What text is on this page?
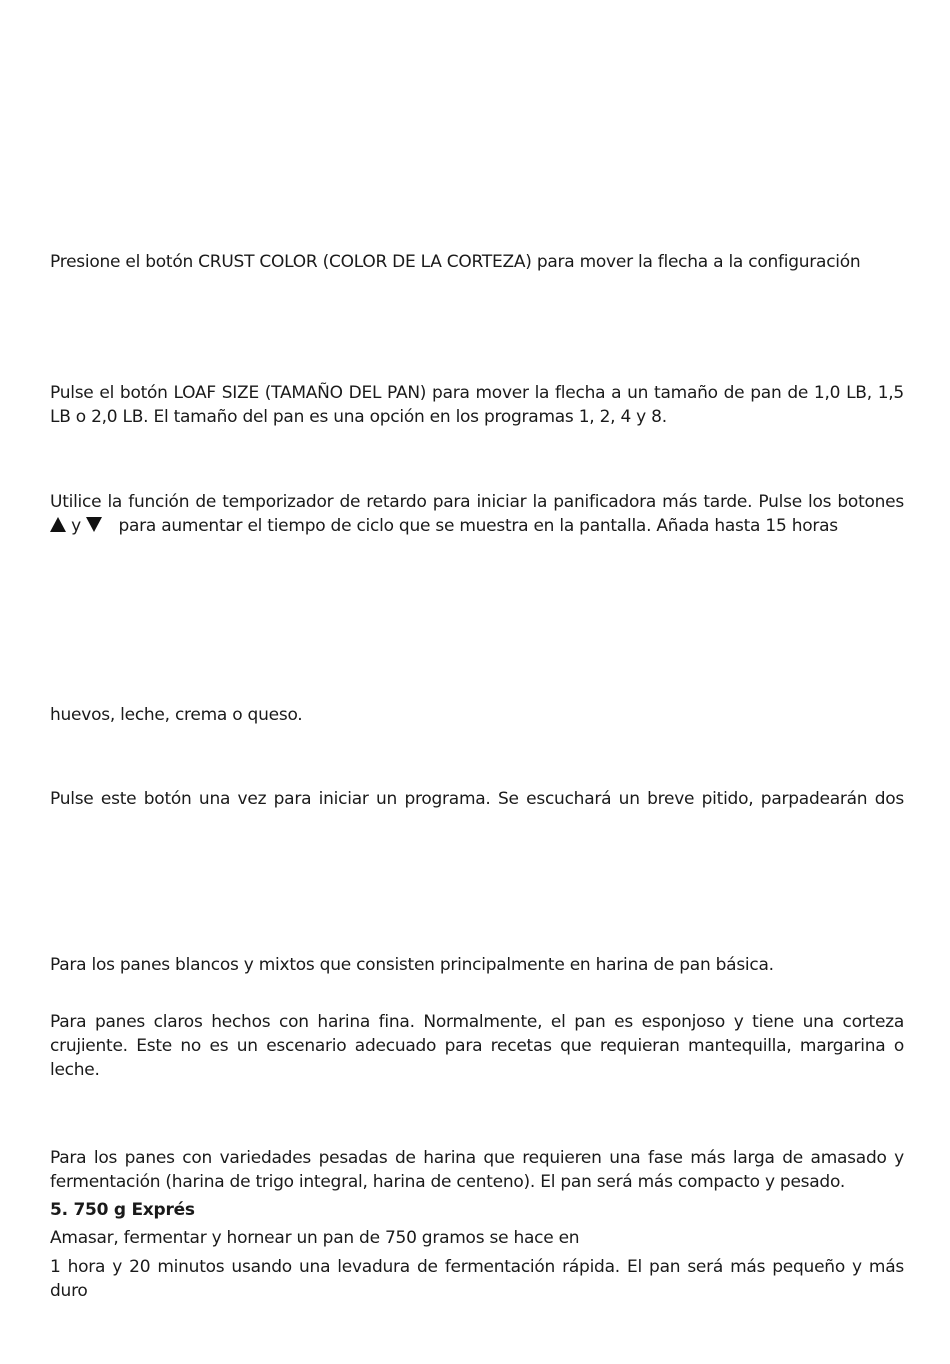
Presione el botón CRUST COLOR (COLOR DE LA CORTEZA) para mover la flecha a la configuración
Pulse el botón LOAF SIZE (TAMAÑO DEL PAN) para mover la flecha a un tamaño de pan de 1,0 LB, 1,5
LB o 2,0 LB. El tamaño del pan es una opción en los programas 1, 2, 4 y 8.
Utilice la función de temporizador de retardo para iniciar la panificadora más tarde. Pulse los botones
y para aumentar el tiempo de ciclo que se muestra en la pantalla. Añada hasta 15 horas
huevos, leche, crema o queso.
Pulse este botón una vez para iniciar un programa. Se escuchará un breve pitido, parpadearán dos
Para los panes blancos y mixtos que consisten principalmente en harina de pan básica.
Para panes claros hechos con harina fina. Normalmente, el pan es esponjoso y tiene una corteza
crujiente. Este no es un escenario adecuado para recetas que requieran mantequilla, margarina o leche.
Para los panes con variedades pesadas de harina que requieren una fase más larga de amasado y
fermentación (harina de trigo integral, harina de centeno). El pan será más compacto y pesado.
5. 750 g Exprés
Amasar, fermentar y hornear un pan de 750 gramos se hace en
1 hora y 20 minutos usando una levadura de fermentación rápida. El pan será más pequeño y más duro
